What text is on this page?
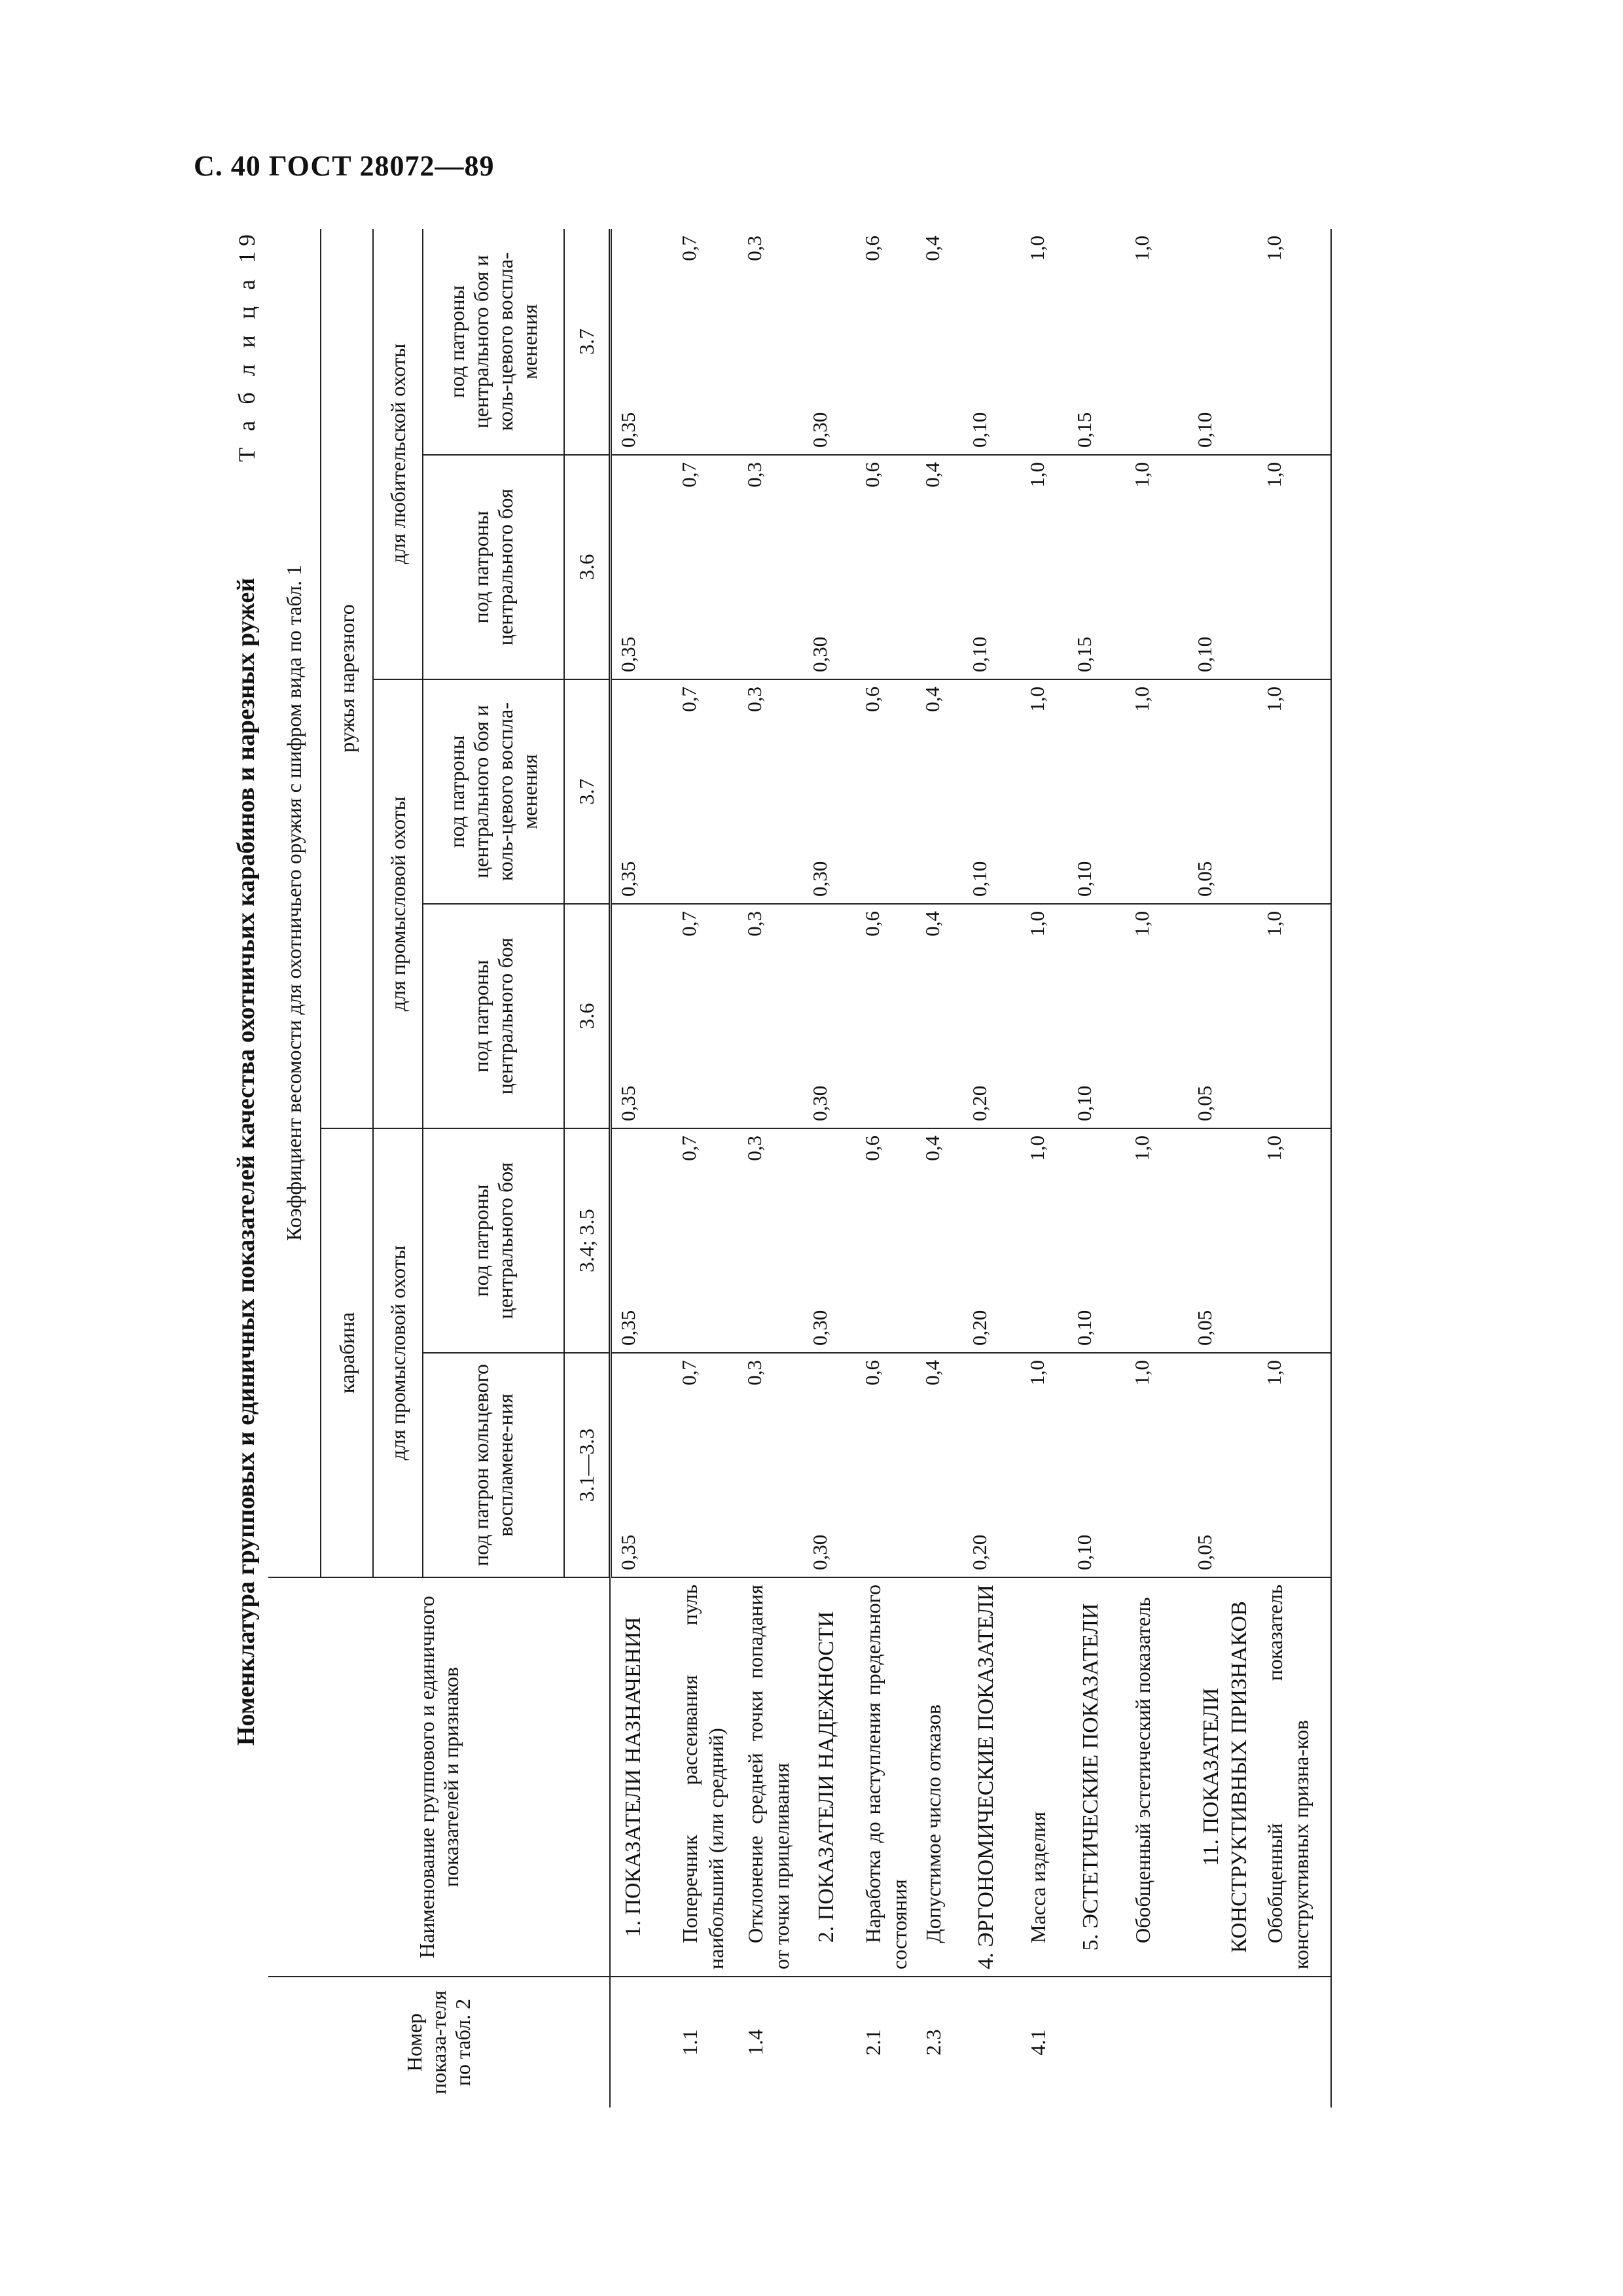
С. 40 ГОСТ 28072—89
Т а б л и ц а 19
Номенклатура групповых и единичных показателей качества охотничьих карабинов и нарезных ружей
Номер показа-теля по табл. 2	Наименование группового и единичного показателей и признаков	Коэффициент весомости для охотничьего оружия с шифром вида по табл. 1					
		карабина		ружья нарезного			
		для промысловой охоты		для промысловой охоты		для любительской охоты	
		под патрон кольцевого воспламене-ния	под патроны центрального боя	под патроны центрального боя	под патроны центрального боя и коль-цевого воспла-менения	под патроны центрального боя	под патроны центрального боя и коль-цевого воспла-менения
		3.1—3.3	3.4; 3.5	3.6	3.7	3.6	3.7
	1. ПОКАЗАТЕЛИ НАЗНАЧЕНИЯ	0,35	0,35	0,35	0,35	0,35	0,35

1.1	Поперечник рассеивания пуль наибольший (или средний)	0,7	0,7	0,7	0,7	0,7	0,7

1.4	Отклонение средней точки попадания от точки прицеливания	0,3	0,3	0,3	0,3	0,3	0,3

	2. ПОКАЗАТЕЛИ НАДЕЖНОСТИ	0,30	0,30	0,30	0,30	0,30	0,30

2.1	Наработка до наступления предельного состояния	0,6	0,6	0,6	0,6	0,6	0,6

2.3	Допустимое число отказов	0,4	0,4	0,4	0,4	0,4	0,4

	4. ЭРГОНОМИЧЕСКИЕ ПОКАЗАТЕЛИ	0,20	0,20	0,20	0,10	0,10	0,10

4.1	Масса изделия	1,0	1,0	1,0	1,0	1,0	1,0

	5. ЭСТЕТИЧЕСКИЕ ПОКАЗАТЕЛИ	0,10	0,10	0,10	0,10	0,15	0,15

	Обобщенный эстетический показатель	1,0	1,0	1,0	1,0	1,0	1,0

	11. ПОКАЗАТЕЛИ КОНСТРУКТИВНЫХ ПРИЗНАКОВ	0,05	0,05	0,05	0,05	0,10	0,10

	Обобщенный показатель конструктивных призна-ков	1,0	1,0	1,0	1,0	1,0	1,0
